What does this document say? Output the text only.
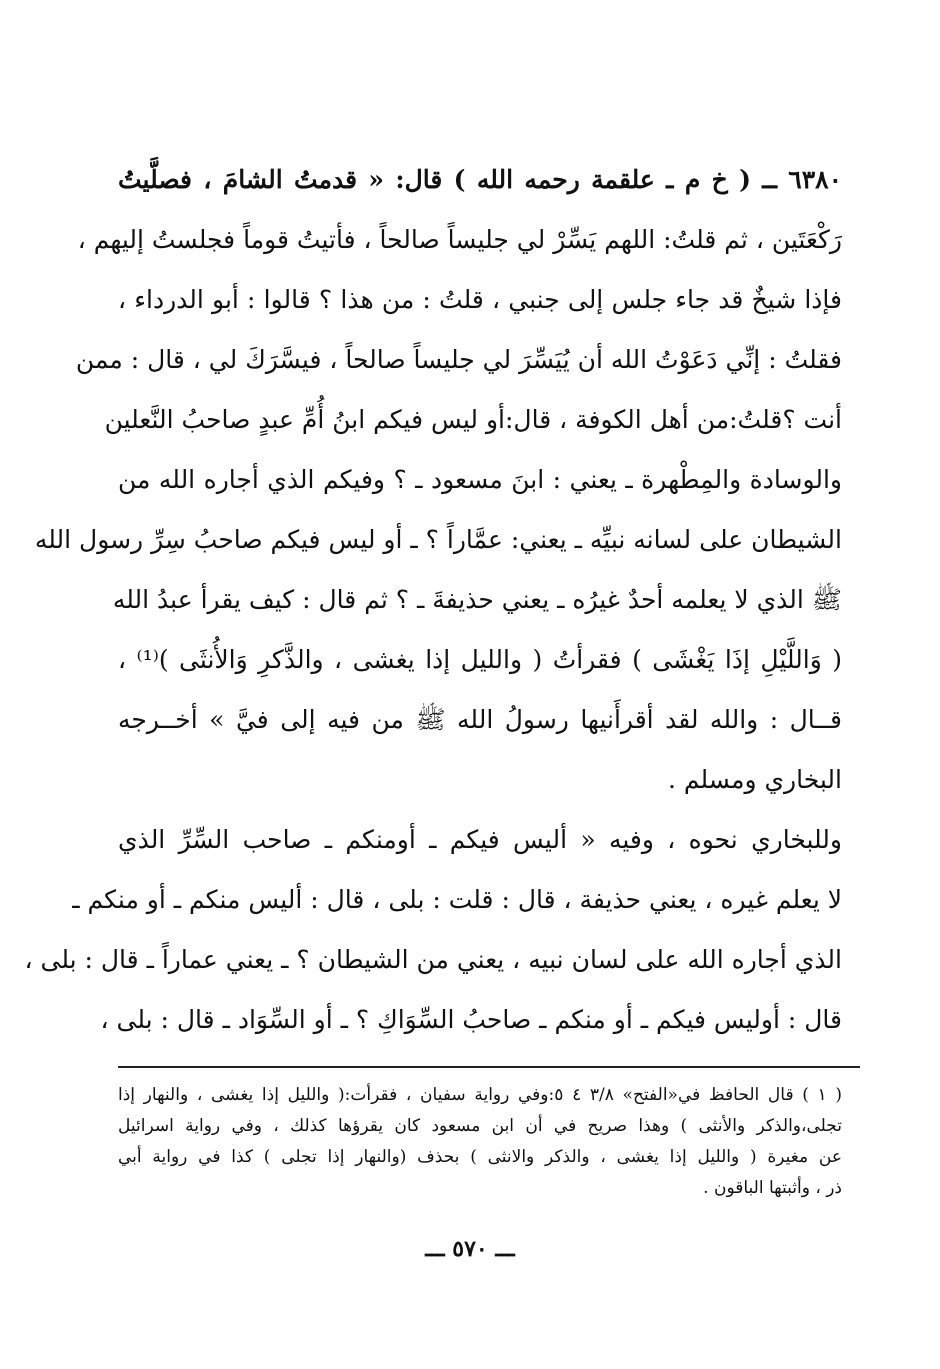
٦٣٨٠ ــ ( خ م ـ علقمة رحمه الله ) قال: « قدمتُ الشامَ ، فصلَّيتُ
رَكْعَتَين ، ثم قلتُ: اللهم يَسِّرْ لي جليساً صالحاً ، فأتيتُ قوماً فجلستُ إليهم ،
فإذا شيخٌ قد جاء جلس إلى جنبي ، قلتُ : من هذا ؟ قالوا : أبو الدرداء ،
فقلتُ : إنِّي دَعَوْتُ الله أن يُيَسِّرَ لي جليساً صالحاً ، فيسَّرَكَ لي ، قال : ممن
أنت ؟قلتُ:من أهل الكوفة ، قال:أو ليس فيكم ابنُ أُمِّ عبدٍ صاحبُ النَّعلين
والوسادة والمِطْهرة ـ يعني : ابنَ مسعود ـ ؟ وفيكم الذي أجاره الله من
الشيطان على لسانه نبيِّه ـ يعني: عمَّاراً ؟ ـ أو ليس فيكم صاحبُ سِرِّ رسول الله
ﷺ الذي لا يعلمه أحدٌ غيرُه ـ يعني حذيفةَ ـ ؟ ثم قال : كيف يقرأ عبدُ الله
( وَاللَّيْلِ إذَا يَغْشَى ) فقرأتُ ( والليل إذا يغشى ، والذَّكرِ وَالأُنثَى )⁽¹⁾ ،
قــال : والله لقد أقرأَنيها رسولُ الله ﷺ من فيه إلى فيَّ » أخــرجه
البخاري ومسلم .
وللبخاري نحوه ، وفيه « أليس فيكم ـ أومنكم ـ صاحب السِّرِّ الذي
لا يعلم غيره ، يعني حذيفة ، قال : قلت : بلى ، قال : أليس منكم ـ أو منكم ـ
الذي أجاره الله على لسان نبيه ، يعني من الشيطان ؟ ـ يعني عماراً ـ قال : بلى ،
قال : أوليس فيكم ـ أو منكم ـ صاحبُ السِّوَاكِ ؟ ـ أو السِّوَاد ـ قال : بلى ،
( ١ ) قال الحافظ في«الفتح» ٣/٨ ٤ ٥:وفي رواية سفيان ، فقرأت:( والليل إذا يغشى ، والنهار إذا
تجلى،والذكر والأنثى ) وهذا صريح في أن ابن مسعود كان يقرؤها كذلك ، وفي رواية اسرائيل
عن مغيرة ( والليل إذا يغشى ، والذكر والانثى ) بحذف (والنهار إذا تجلى ) كذا في رواية أبي
ذر ، وأثبتها الباقون .
ـــ ٥٧٠ ـــ
